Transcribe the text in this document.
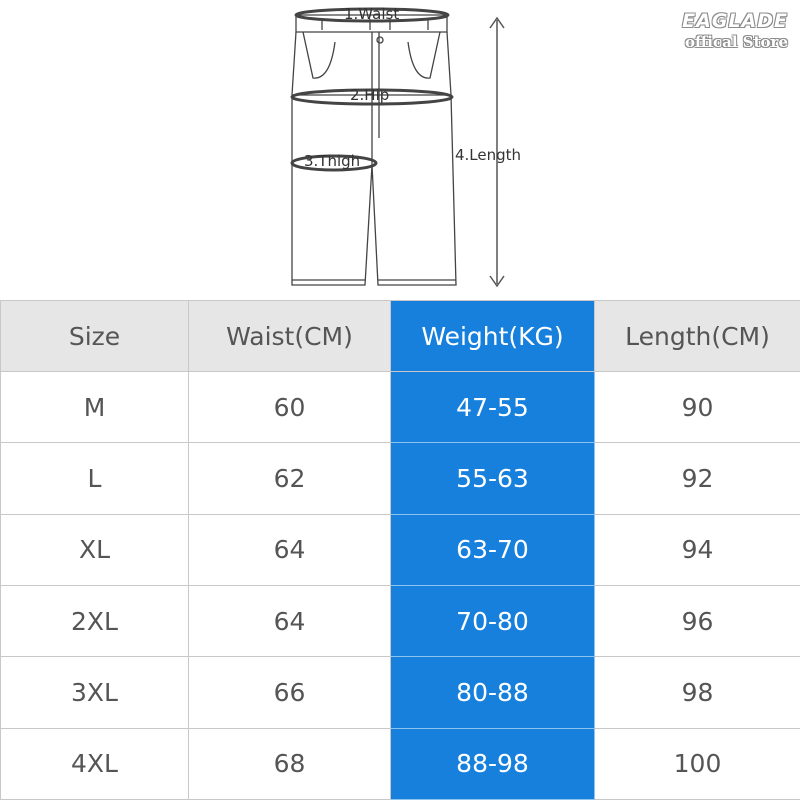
1.Waist
2.Hip
3.Thigh	4.Length
EAGLADE
offical Store
Size	Waist(CM)	Weight(KG)	Length(CM)
M	60	47-55	90
L	62	55-63	92
XL	64	63-70	94
2XL	64	70-80	96
3XL	66	80-88	98
4XL	68	88-98	100
